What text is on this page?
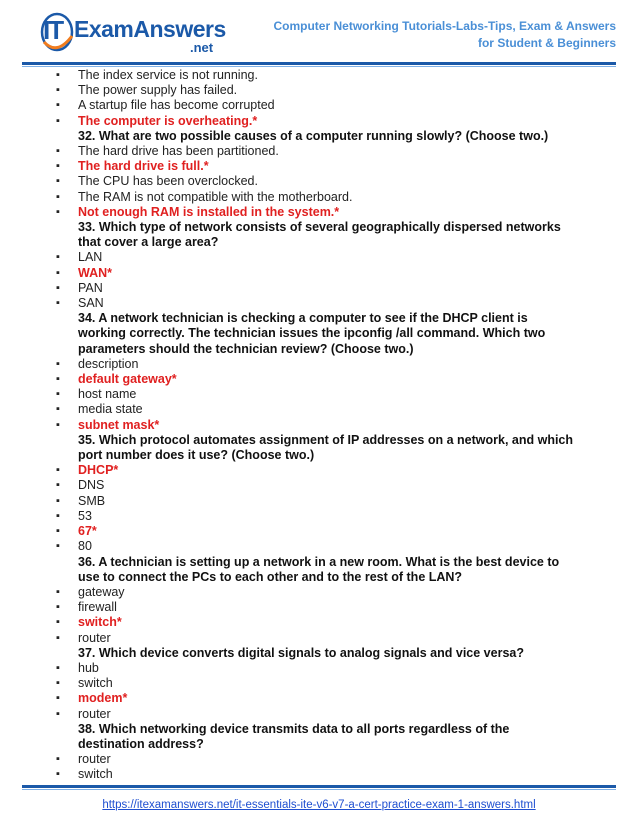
IT ExamAnswers
.net
Computer Networking Tutorials-Labs-Tips, Exam & Answers
for Student & Beginners
▪ The index service is not running.
▪ The power supply has failed.
▪ A startup file has become corrupted
▪ The computer is overheating.*
32. What are two possible causes of a computer running slowly? (Choose two.)
▪ The hard drive has been partitioned.
▪ The hard drive is full.*
▪ The CPU has been overclocked.
▪ The RAM is not compatible with the motherboard.
▪ Not enough RAM is installed in the system.*
33. Which type of network consists of several geographically dispersed networks that cover a large area?
▪ LAN
▪ WAN*
▪ PAN
▪ SAN
34. A network technician is checking a computer to see if the DHCP client is working correctly. The technician issues the ipconfig /all command. Which two parameters should the technician review? (Choose two.)
▪ description
▪ default gateway*
▪ host name
▪ media state
▪ subnet mask*
35. Which protocol automates assignment of IP addresses on a network, and which port number does it use? (Choose two.)
▪ DHCP*
▪ DNS
▪ SMB
▪ 53
▪ 67*
▪ 80
36. A technician is setting up a network in a new room. What is the best device to use to connect the PCs to each other and to the rest of the LAN?
▪ gateway
▪ firewall
▪ switch*
▪ router
37. Which device converts digital signals to analog signals and vice versa?
▪ hub
▪ switch
▪ modem*
▪ router
38. Which networking device transmits data to all ports regardless of the destination address?
▪ router
▪ switch
https://itexamanswers.net/it-essentials-ite-v6-v7-a-cert-practice-exam-1-answers.html
